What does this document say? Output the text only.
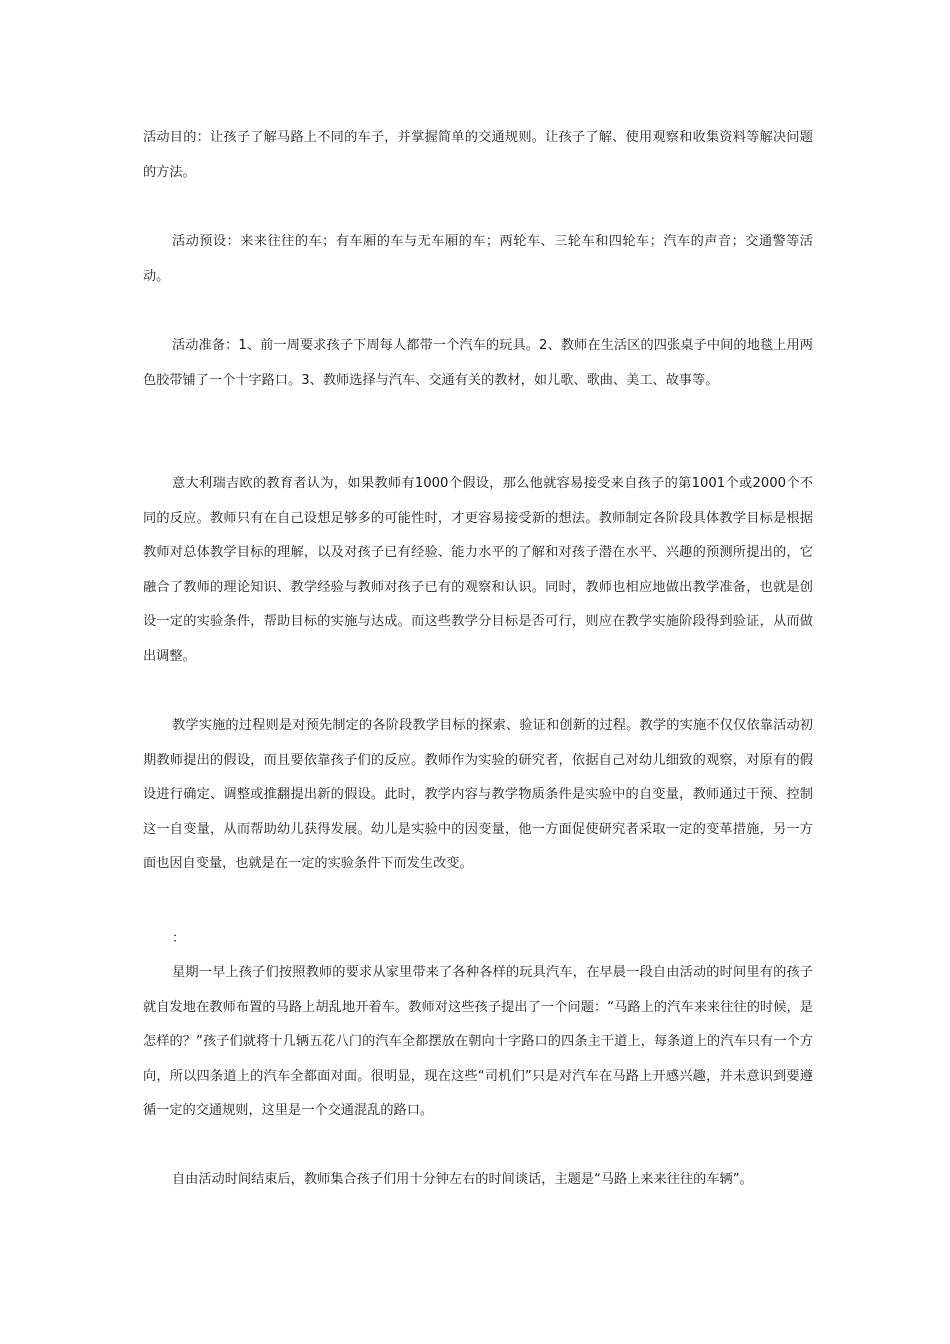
活动目的：让孩子了解马路上不同的车子，并掌握简单的交通规则。让孩子了解、使用观察和收集资料等解决问题的方法。

活动预设：来来往往的车；有车厢的车与无车厢的车；两轮车、三轮车和四轮车；汽车的声音；交通警等活动。

活动准备：1、前一周要求孩子下周每人都带一个汽车的玩具。2、教师在生活区的四张桌子中间的地毯上用两色胶带铺了一个十字路口。3、教师选择与汽车、交通有关的教材，如儿歌、歌曲、美工、故事等。

意大利瑞吉欧的教育者认为，如果教师有1000个假设，那么他就容易接受来自孩子的第1001个或2000个不同的反应。教师只有在自己设想足够多的可能性时，才更容易接受新的想法。教师制定各阶段具体教学目标是根据教师对总体教学目标的理解，以及对孩子已有经验、能力水平的了解和对孩子潜在水平、兴趣的预测所提出的，它融合了教师的理论知识、教学经验与教师对孩子已有的观察和认识。同时，教师也相应地做出教学准备，也就是创设一定的实验条件，帮助目标的实施与达成。而这些教学分目标是否可行，则应在教学实施阶段得到验证，从而做出调整。

教学实施的过程则是对预先制定的各阶段教学目标的探索、验证和创新的过程。教学的实施不仅仅依靠活动初期教师提出的假设，而且要依靠孩子们的反应。教师作为实验的研究者，依据自己对幼儿细致的观察，对原有的假设进行确定、调整或推翻提出新的假设。此时，教学内容与教学物质条件是实验中的自变量，教师通过干预、控制这一自变量，从而帮助幼儿获得发展。幼儿是实验中的因变量，他一方面促使研究者采取一定的变革措施，另一方面也因自变量，也就是在一定的实验条件下而发生改变。

：

星期一早上孩子们按照教师的要求从家里带来了各种各样的玩具汽车，在早晨一段自由活动的时间里有的孩子就自发地在教师布置的马路上胡乱地开着车。教师对这些孩子提出了一个问题：“马路上的汽车来来往往的时候，是怎样的？”孩子们就将十几辆五花八门的汽车全都摆放在朝向十字路口的四条主干道上，每条道上的汽车只有一个方向，所以四条道上的汽车全都面对面。很明显，现在这些“司机们”只是对汽车在马路上开感兴趣，并未意识到要遵循一定的交通规则，这里是一个交通混乱的路口。

自由活动时间结束后，教师集合孩子们用十分钟左右的时间谈话，主题是“马路上来来往往的车辆”。
